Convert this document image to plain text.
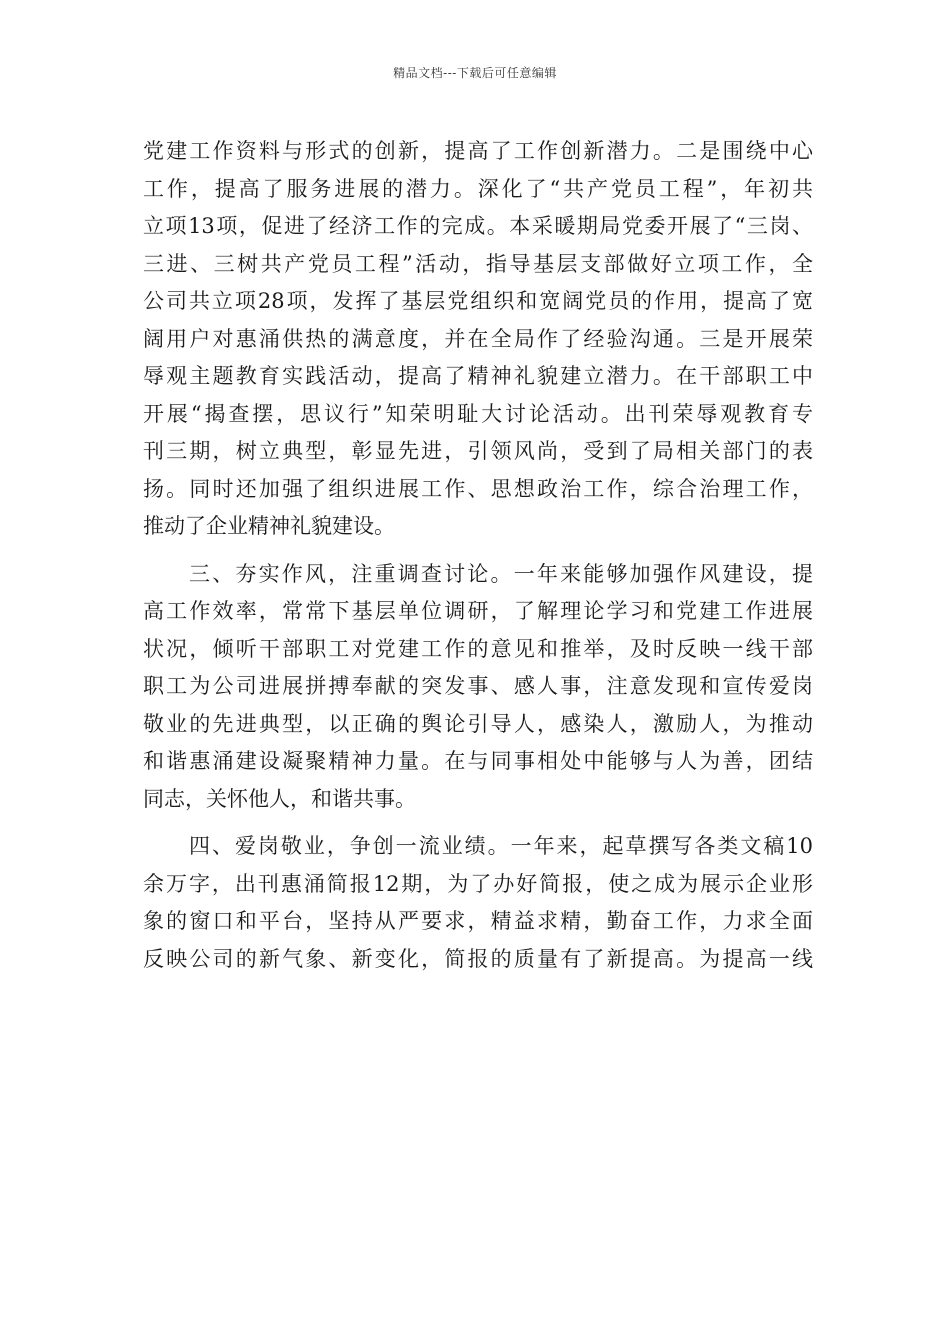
精品文档---下载后可任意编辑
党建工作资料与形式的创新，提高了工作创新潜力。二是围绕中心
工作，提高了服务进展的潜力。深化了“共产党员工程”，年初共
立项13项，促进了经济工作的完成。本采暖期局党委开展了“三岗、
三进、三树共产党员工程”活动，指导基层支部做好立项工作，全
公司共立项28项，发挥了基层党组织和宽阔党员的作用，提高了宽
阔用户对惠涌供热的满意度，并在全局作了经验沟通。三是开展荣
辱观主题教育实践活动，提高了精神礼貌建立潜力。在干部职工中
开展“揭查摆，思议行”知荣明耻大讨论活动。出刊荣辱观教育专
刊三期，树立典型，彰显先进，引领风尚，受到了局相关部门的表
扬。同时还加强了组织进展工作、思想政治工作，综合治理工作，
推动了企业精神礼貌建设。
三、夯实作风，注重调查讨论。一年来能够加强作风建设，提
高工作效率，常常下基层单位调研，了解理论学习和党建工作进展
状况，倾听干部职工对党建工作的意见和推举，及时反映一线干部
职工为公司进展拼搏奉献的突发事、感人事，注意发现和宣传爱岗
敬业的先进典型，以正确的舆论引导人，感染人，激励人，为推动
和谐惠涌建设凝聚精神力量。在与同事相处中能够与人为善，团结
同志，关怀他人，和谐共事。
四、爱岗敬业，争创一流业绩。一年来，起草撰写各类文稿10
余万字，出刊惠涌简报12期，为了办好简报，使之成为展示企业形
象的窗口和平台，坚持从严要求，精益求精，勤奋工作，力求全面
反映公司的新气象、新变化，简报的质量有了新提高。为提高一线
